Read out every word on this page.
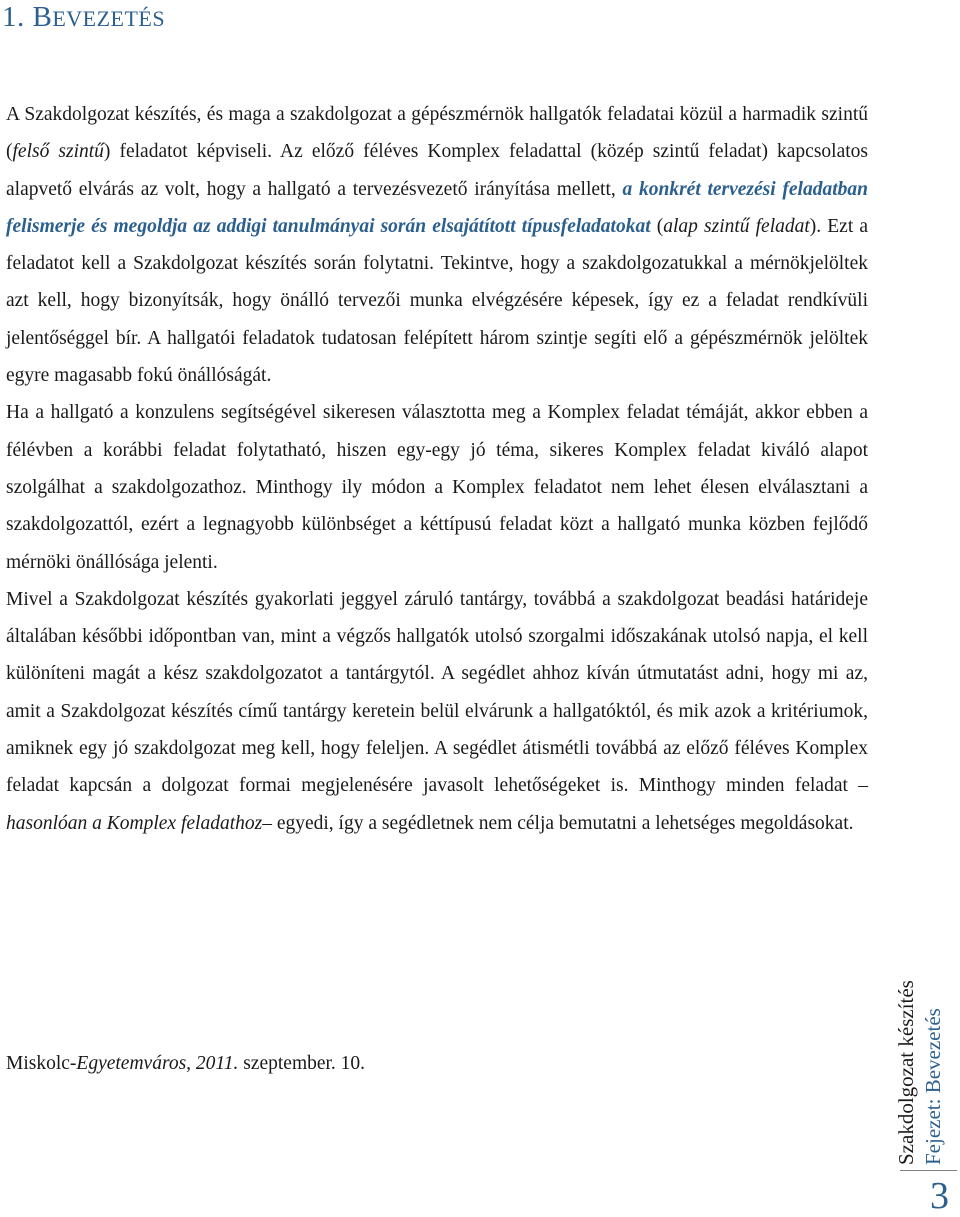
1. BEVEZETÉS

A Szakdolgozat készítés, és maga a szakdolgozat a gépészmérnök hallgatók feladatai közül a harmadik szintű (felső szintű) feladatot képviseli. Az előző féléves Komplex feladattal (közép szintű feladat) kapcsolatos alapvető elvárás az volt, hogy a hallgató a tervezésvezető irányítása mellett, a konkrét tervezési feladatban felismerje és megoldja az addigi tanulmányai során elsajátított típusfeladatokat (alap szintű feladat). Ezt a feladatot kell a Szakdolgozat készítés során folytatni. Tekintve, hogy a szakdolgozatukkal a mérnökjelöltek azt kell, hogy bizonyítsák, hogy önálló tervezői munka elvégzésére képesek, így ez a feladat rendkívüli jelentőséggel bír. A hallgatói feladatok tudatosan felépített három szintje segíti elő a gépészmérnök jelöltek egyre magasabb fokú önállóságát.

Ha a hallgató a konzulens segítségével sikeresen választotta meg a Komplex feladat témáját, akkor ebben a félévben a korábbi feladat folytatható, hiszen egy-egy jó téma, sikeres Komplex feladat kiváló alapot szolgálhat a szakdolgozathoz. Minthogy ily módon a Komplex feladatot nem lehet élesen elválasztani a szakdolgozattól, ezért a legnagyobb különbséget a kéttípusú feladat közt a hallgató munka közben fejlődő mérnöki önállósága jelenti.

Mivel a Szakdolgozat készítés gyakorlati jeggyel záruló tantárgy, továbbá a szakdolgozat beadási határideje általában későbbi időpontban van, mint a végzős hallgatók utolsó szorgalmi időszakának utolsó napja, el kell különíteni magát a kész szakdolgozatot a tantárgytól. A segédlet ahhoz kíván útmutatást adni, hogy mi az, amit a Szakdolgozat készítés című tantárgy keretein belül elvárunk a hallgatóktól, és mik azok a kritériumok, amiknek egy jó szakdolgozat meg kell, hogy feleljen. A segédlet átismétli továbbá az előző féléves Komplex feladat kapcsán a dolgozat formai megjelenésére javasolt lehetőségeket is. Minthogy minden feladat –hasonlóan a Komplex feladathoz– egyedi, így a segédletnek nem célja bemutatni a lehetséges megoldásokat.

Miskolc-Egyetemváros, 2011. szeptember. 10.	Szakdolgozat készítés Fejezet: Bevezetés
3
